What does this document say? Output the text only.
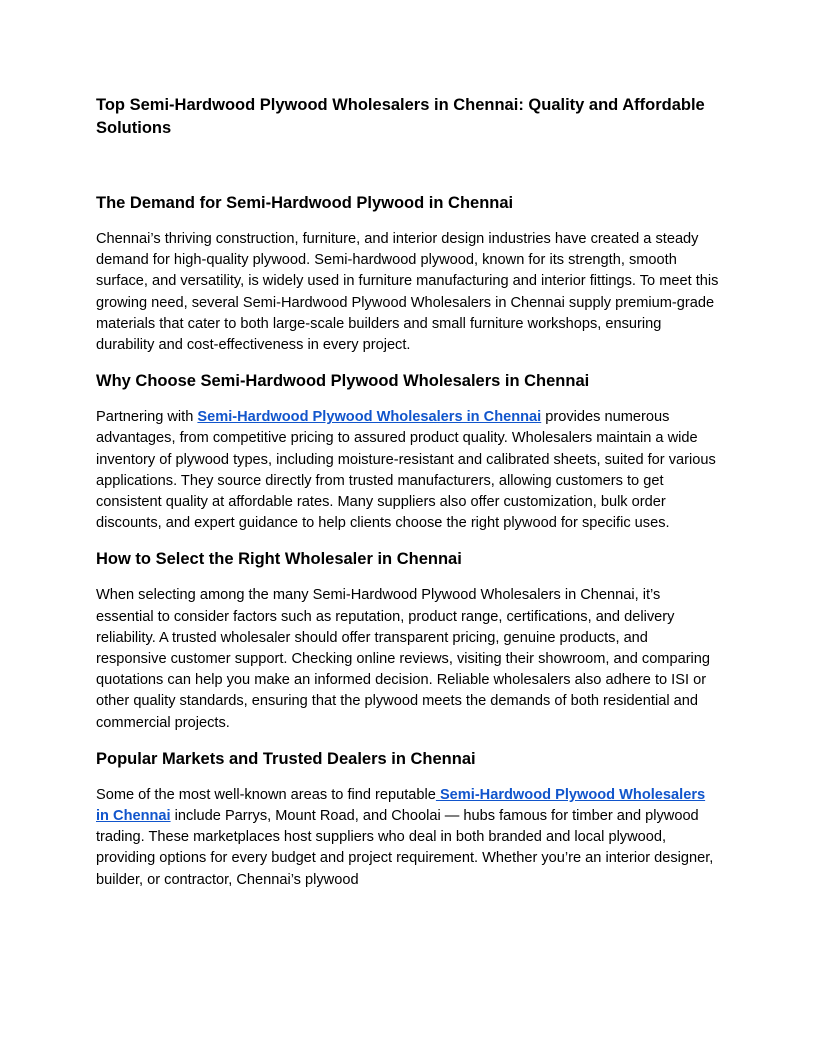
Top Semi-Hardwood Plywood Wholesalers in Chennai: Quality and Affordable Solutions
The Demand for Semi-Hardwood Plywood in Chennai

Chennai’s thriving construction, furniture, and interior design industries have created a steady demand for high-quality plywood. Semi-hardwood plywood, known for its strength, smooth surface, and versatility, is widely used in furniture manufacturing and interior fittings. To meet this growing need, several Semi-Hardwood Plywood Wholesalers in Chennai supply premium-grade materials that cater to both large-scale builders and small furniture workshops, ensuring durability and cost-effectiveness in every project.

Why Choose Semi-Hardwood Plywood Wholesalers in Chennai

Partnering with Semi-Hardwood Plywood Wholesalers in Chennai provides numerous advantages, from competitive pricing to assured product quality. Wholesalers maintain a wide inventory of plywood types, including moisture-resistant and calibrated sheets, suited for various applications. They source directly from trusted manufacturers, allowing customers to get consistent quality at affordable rates. Many suppliers also offer customization, bulk order discounts, and expert guidance to help clients choose the right plywood for specific uses.

How to Select the Right Wholesaler in Chennai

When selecting among the many Semi-Hardwood Plywood Wholesalers in Chennai, it’s essential to consider factors such as reputation, product range, certifications, and delivery reliability. A trusted wholesaler should offer transparent pricing, genuine products, and responsive customer support. Checking online reviews, visiting their showroom, and comparing quotations can help you make an informed decision. Reliable wholesalers also adhere to ISI or other quality standards, ensuring that the plywood meets the demands of both residential and commercial projects.

Popular Markets and Trusted Dealers in Chennai

Some of the most well-known areas to find reputable Semi-Hardwood Plywood Wholesalers in Chennai include Parrys, Mount Road, and Choolai — hubs famous for timber and plywood trading. These marketplaces host suppliers who deal in both branded and local plywood, providing options for every budget and project requirement. Whether you’re an interior designer, builder, or contractor, Chennai’s plywood
